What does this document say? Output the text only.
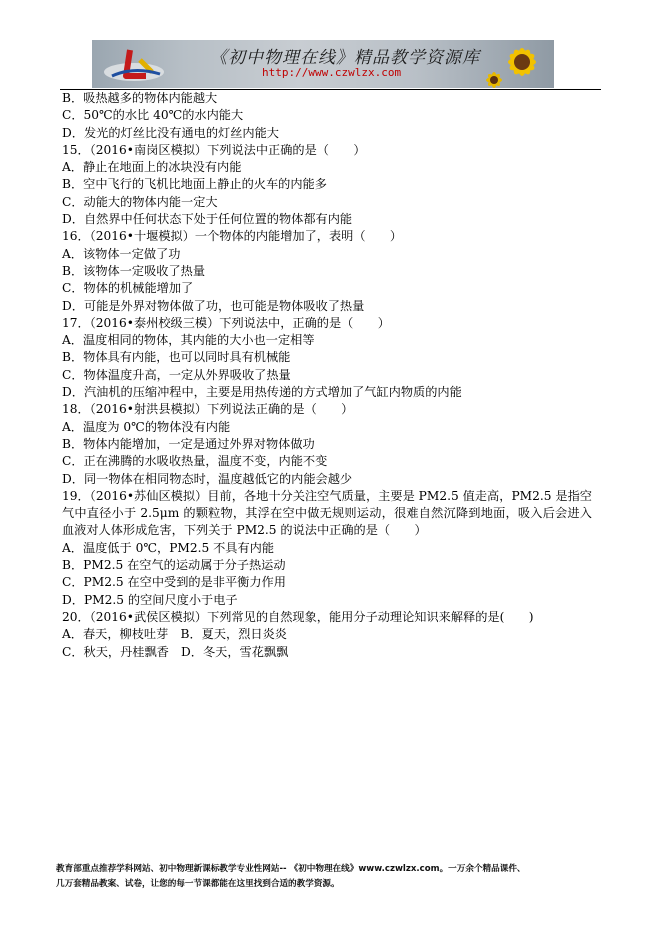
《初中物理在线》精品教学资源库
http://www.czwlzx.com
B．吸热越多的物体内能越大
C．50℃的水比 40℃的水内能大
D．发光的灯丝比没有通电的灯丝内能大
15．（2016•南岗区模拟）下列说法中正确的是（　　）
A．静止在地面上的冰块没有内能
B．空中飞行的飞机比地面上静止的火车的内能多
C．动能大的物体内能一定大
D．自然界中任何状态下处于任何位置的物体都有内能
16．（2016•十堰模拟）一个物体的内能增加了，表明（　　）
A．该物体一定做了功
B．该物体一定吸收了热量
C．物体的机械能增加了
D．可能是外界对物体做了功，也可能是物体吸收了热量
17．（2016•泰州校级三模）下列说法中，正确的是（　　）
A．温度相同的物体，其内能的大小也一定相等
B．物体具有内能，也可以同时具有机械能
C．物体温度升高，一定从外界吸收了热量
D．汽油机的压缩冲程中，主要是用热传递的方式增加了气缸内物质的内能
18．（2016•射洪县模拟）下列说法正确的是（　　）
A．温度为 0℃的物体没有内能
B．物体内能增加，一定是通过外界对物体做功
C．正在沸腾的水吸收热量，温度不变，内能不变
D．同一物体在相同物态时，温度越低它的内能会越少
19．（2016•苏仙区模拟）目前，各地十分关注空气质量，主要是 PM2.5 值走高，PM2.5 是指空气中直径小于 2.5μm 的颗粒物，其浮在空中做无规则运动，很难自然沉降到地面，吸入后会进入血液对人体形成危害，下列关于 PM2.5 的说法中正确的是（　　）
A．温度低于 0℃，PM2.5 不具有内能
B．PM2.5 在空气的运动属于分子热运动
C．PM2.5 在空中受到的是非平衡力作用
D．PM2.5 的空间尺度小于电子
20．（2016•武侯区模拟）下列常见的自然现象，能用分子动理论知识来解释的是(　　)
A．春天，柳枝吐芽　B．夏天，烈日炎炎
C．秋天，丹桂飘香　D．冬天，雪花飘飘
教育部重点推荐学科网站、初中物理新课标教学专业性网站-- 《初中物理在线》www.czwlzx.com。一万余个精品课件、
几万套精品教案、试卷，让您的每一节课都能在这里找到合适的教学资源。
